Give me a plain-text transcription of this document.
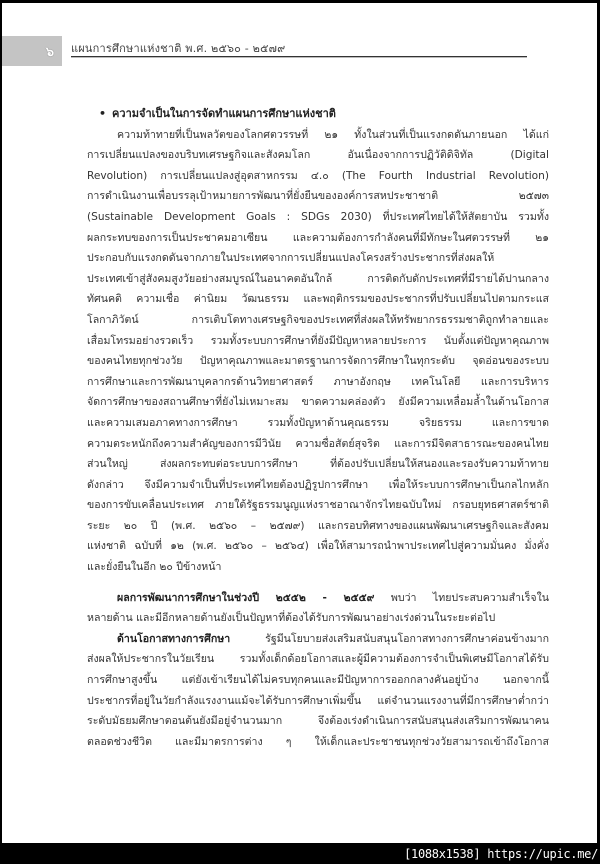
๖ แผนการศึกษาแห่งชาติ พ.ศ. ๒๕๖๐ - ๒๕๗๙
• ความจำเป็นในการจัดทำแผนการศึกษาแห่งชาติ
ความท้าทายที่เป็นพลวัตของโลกศตวรรษที่ ๒๑ ทั้งในส่วนที่เป็นแรงกดดันภายนอก ได้แก่
การเปลี่ยนแปลงของบริบทเศรษฐกิจและสังคมโลก อันเนื่องจากการปฏิวัติดิจิทัล (Digital
Revolution) การเปลี่ยนแปลงสู่อุตสาหกรรม ๔.๐ (The Fourth Industrial Revolution)
การดำเนินงานเพื่อบรรลุเป้าหมายการพัฒนาที่ยั่งยืนขององค์การสหประชาชาติ ๒๕๗๓
(Sustainable Development Goals : SDGs 2030) ที่ประเทศไทยได้ให้สัตยาบัน รวมทั้ง
ผลกระทบของการเป็นประชาคมอาเซียน และความต้องการกำลังคนที่มีทักษะในศตวรรษที่ ๒๑
ประกอบกับแรงกดดันจากภายในประเทศจากการเปลี่ยนแปลงโครงสร้างประชากรที่ส่งผลให้
ประเทศเข้าสู่สังคมสูงวัยอย่างสมบูรณ์ในอนาคตอันใกล้ การติดกับดักประเทศที่มีรายได้ปานกลาง
ทัศนคติ ความเชื่อ ค่านิยม วัฒนธรรม และพฤติกรรมของประชากรที่ปรับเปลี่ยนไปตามกระแส
โลกาภิวัตน์ การเติบโตทางเศรษฐกิจของประเทศที่ส่งผลให้ทรัพยากรธรรมชาติถูกทำลายและ
เสื่อมโทรมอย่างรวดเร็ว รวมทั้งระบบการศึกษาที่ยังมีปัญหาหลายประการ นับตั้งแต่ปัญหาคุณภาพ
ของคนไทยทุกช่วงวัย ปัญหาคุณภาพและมาตรฐานการจัดการศึกษาในทุกระดับ จุดอ่อนของระบบ
การศึกษาและการพัฒนาบุคลากรด้านวิทยาศาสตร์ ภาษาอังกฤษ เทคโนโลยี และการบริหาร
จัดการศึกษาของสถานศึกษาที่ยังไม่เหมาะสม ขาดความคล่องตัว ยังมีความเหลื่อมล้ำในด้านโอกาส
และความเสมอภาคทางการศึกษา รวมทั้งปัญหาด้านคุณธรรม จริยธรรม และการขาด
ความตระหนักถึงความสำคัญของการมีวินัย ความซื่อสัตย์สุจริต และการมีจิตสาธารณะของคนไทย
ส่วนใหญ่ ส่งผลกระทบต่อระบบการศึกษา ที่ต้องปรับเปลี่ยนให้สนองและรองรับความท้าทาย
ดังกล่าว จึงมีความจำเป็นที่ประเทศไทยต้องปฏิรูปการศึกษา เพื่อให้ระบบการศึกษาเป็นกลไกหลัก
ของการขับเคลื่อนประเทศ ภายใต้รัฐธรรมนูญแห่งราชอาณาจักรไทยฉบับใหม่ กรอบยุทธศาสตร์ชาติ
ระยะ ๒๐ ปี (พ.ศ. ๒๕๖๐ – ๒๕๗๙) และกรอบทิศทางของแผนพัฒนาเศรษฐกิจและสังคม
แห่งชาติ ฉบับที่ ๑๒ (พ.ศ. ๒๕๖๐ – ๒๕๖๔) เพื่อให้สามารถนำพาประเทศไปสู่ความมั่นคง มั่งคั่ง
และยั่งยืนในอีก ๒๐ ปีข้างหน้า
ผลการพัฒนาการศึกษาในช่วงปี ๒๕๕๒ - ๒๕๕๙ พบว่า ไทยประสบความสำเร็จใน
หลายด้าน และมีอีกหลายด้านยังเป็นปัญหาที่ต้องได้รับการพัฒนาอย่างเร่งด่วนในระยะต่อไป
ด้านโอกาสทางการศึกษา รัฐมีนโยบายส่งเสริมสนับสนุนโอกาสทางการศึกษาค่อนข้างมาก
ส่งผลให้ประชากรในวัยเรียน รวมทั้งเด็กด้อยโอกาสและผู้มีความต้องการจำเป็นพิเศษมีโอกาสได้รับ
การศึกษาสูงขึ้น แต่ยังเข้าเรียนได้ไม่ครบทุกคนและมีปัญหาการออกกลางคันอยู่บ้าง นอกจากนี้
ประชากรที่อยู่ในวัยกำลังแรงงานแม้จะได้รับการศึกษาเพิ่มขึ้น แต่จำนวนแรงงานที่มีการศึกษาต่ำกว่า
ระดับมัธยมศึกษาตอนต้นยังมีอยู่จำนวนมาก จึงต้องเร่งดำเนินการสนับสนุนส่งเสริมการพัฒนาคน
ตลอดช่วงชีวิต และมีมาตรการต่าง ๆ ให้เด็กและประชาชนทุกช่วงวัยสามารถเข้าถึงโอกาส
[1088x1538] https://upic.me/
